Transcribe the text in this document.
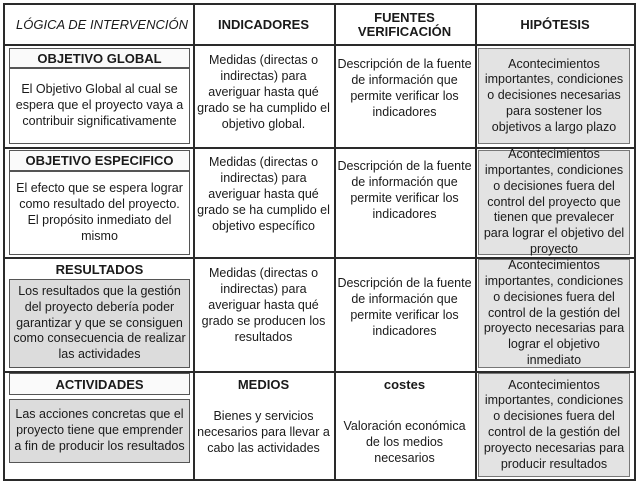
LÓGICA DE INTERVENCIÓN INDICADORES	FUENTES
VERIFICACIÓN	HIPÓTESIS
OBJETIVO GLOBAL
El Objetivo Global al cual se espera que el proyecto vaya a contribuir significativamente
Medidas (directas o indirectas) para averiguar hasta qué grado se ha cumplido el objetivo global.
Descripción de la fuente de información que permite verificar los indicadores
Acontecimientos importantes, condiciones o decisiones necesarias para sostener los objetivos a largo plazo
OBJETIVO ESPECIFICO
El efecto que se espera lograr como resultado del proyecto. El propósito inmediato del mismo
Medidas (directas o indirectas) para averiguar hasta qué grado se ha cumplido el objetivo específico
Descripción de la fuente de información que permite verificar los indicadores
Acontecimientos importantes, condiciones o decisiones fuera del control del proyecto que tienen que prevalecer para lograr el objetivo del proyecto
RESULTADOS
Los resultados que la gestión del proyecto debería poder garantizar y que se consiguen como consecuencia de realizar las actividades
Medidas (directas o indirectas) para averiguar hasta qué grado se producen los resultados
Descripción de la fuente de información que permite verificar los indicadores
Acontecimientos importantes, condiciones o decisiones fuera del control de la gestión del proyecto necesarias para lograr el objetivo inmediato
ACTIVIDADES
Las acciones concretas que el proyecto tiene que emprender a fin de producir los resultados
MEDIOS
Bienes y servicios necesarios para llevar a cabo las actividades
costes
Valoración económica de los medios necesarios
Acontecimientos importantes, condiciones o decisiones fuera del control de la gestión del proyecto necesarias para producir resultados
